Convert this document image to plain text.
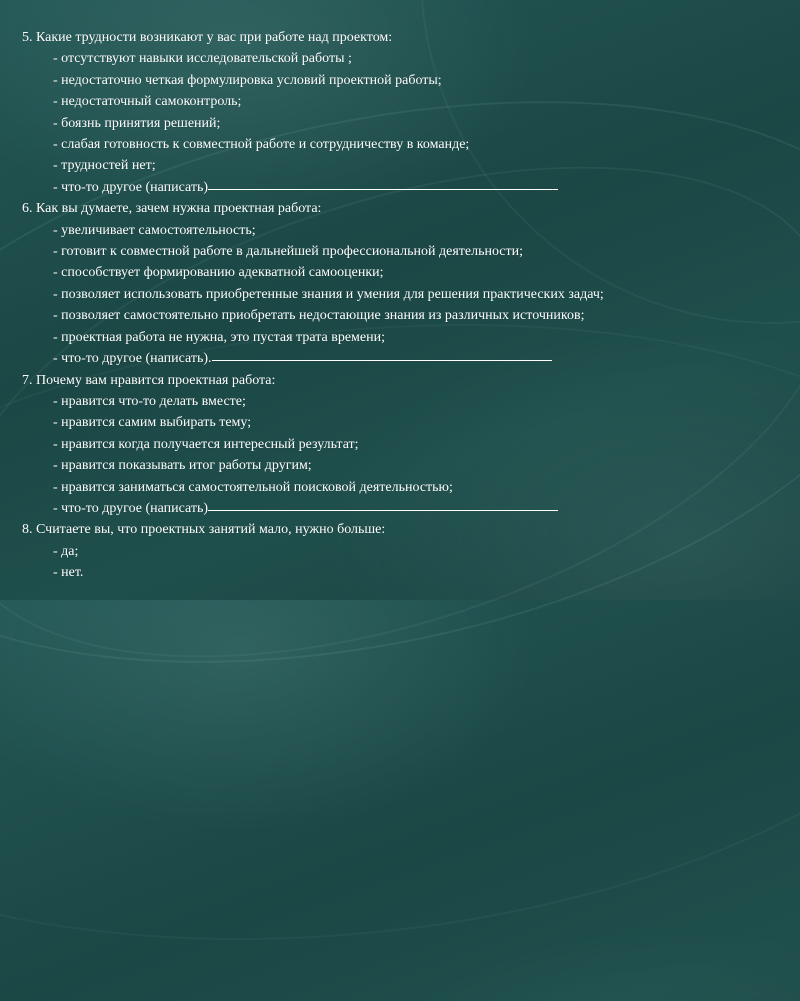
5. Какие трудности возникают у вас при работе над проектом:
- отсутствуют навыки исследовательской работы ;
- недостаточно четкая формулировка условий проектной работы;
- недостаточный самоконтроль;
- боязнь принятия решений;
- слабая готовность к совместной работе и сотрудничеству в команде;
- трудностей нет;
- что-то другое (написать)
6. Как вы думаете, зачем нужна проектная работа:
- увеличивает самостоятельность;
- готовит к совместной работе в дальнейшей профессиональной деятельности;
- способствует формированию адекватной самооценки;
- позволяет использовать приобретенные знания и умения для решения практических задач;
- позволяет самостоятельно приобретать недостающие знания из различных источников;
- проектная работа не нужна, это пустая трата времени;
- что-то другое (написать).
7. Почему вам нравится проектная работа:
- нравится что-то делать вместе;
- нравится самим выбирать тему;
- нравится когда получается интересный результат;
- нравится показывать итог работы другим;
- нравится заниматься самостоятельной поисковой деятельностью;
- что-то другое (написать)
8. Считаете вы, что проектных занятий мало, нужно больше:
- да;
- нет.
